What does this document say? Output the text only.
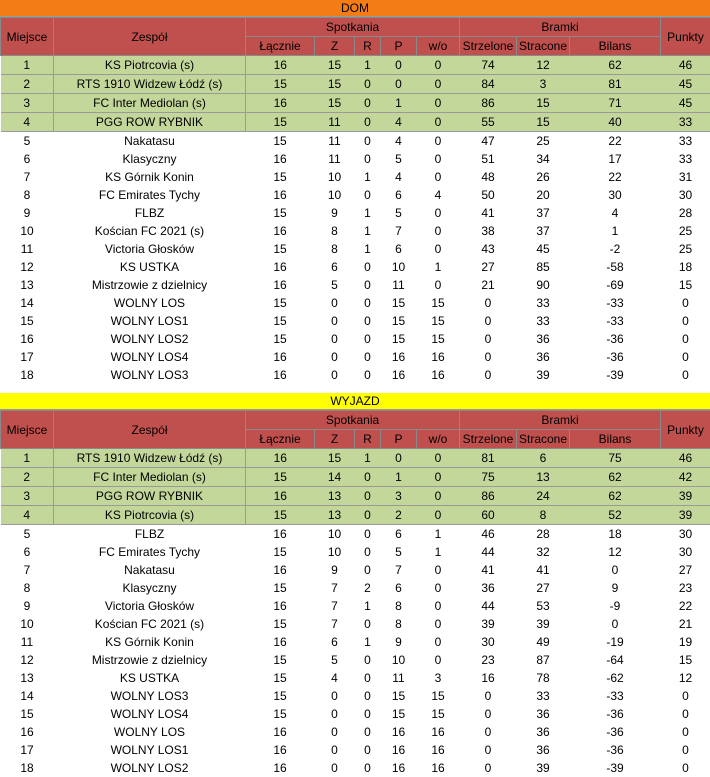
DOM
Miejsce	Zespół	Spotkania					Bramki			Punkty
		Łącznie	Z	R	P	w/o	Strzelone	Stracone	Bilans	
1	KS Piotrcovia (s)	16	15	1	0	0	74	12	62	46
2	RTS 1910 Widzew Łódź (s)	15	15	0	0	0	84	3	81	45
3	FC Inter Mediolan (s)	16	15	0	1	0	86	15	71	45
4	PGG ROW RYBNIK	15	11	0	4	0	55	15	40	33
5	Nakatasu	15	11	0	4	0	47	25	22	33
6	Klasyczny	16	11	0	5	0	51	34	17	33
7	KS Górnik Konin	15	10	1	4	0	48	26	22	31
8	FC Emirates Tychy	16	10	0	6	4	50	20	30	30
9	FLBZ	15	9	1	5	0	41	37	4	28
10	Kościan FC 2021 (s)	16	8	1	7	0	38	37	1	25
11	Victoria Głosków	15	8	1	6	0	43	45	-2	25
12	KS USTKA	16	6	0	10	1	27	85	-58	18
13	Mistrzowie z dzielnicy	16	5	0	11	0	21	90	-69	15
14	WOLNY LOS	15	0	0	15	15	0	33	-33	0
15	WOLNY LOS1	15	0	0	15	15	0	33	-33	0
16	WOLNY LOS2	15	0	0	15	15	0	36	-36	0
17	WOLNY LOS4	16	0	0	16	16	0	36	-36	0
18	WOLNY LOS3	16	0	0	16	16	0	39	-39	0
WYJAZD
Miejsce	Zespół	Spotkania					Bramki			Punkty
		Łącznie	Z	R	P	w/o	Strzelone	Stracone	Bilans	
1	RTS 1910 Widzew Łódź (s)	16	15	1	0	0	81	6	75	46
2	FC Inter Mediolan (s)	15	14	0	1	0	75	13	62	42
3	PGG ROW RYBNIK	16	13	0	3	0	86	24	62	39
4	KS Piotrcovia (s)	15	13	0	2	0	60	8	52	39
5	FLBZ	16	10	0	6	1	46	28	18	30
6	FC Emirates Tychy	15	10	0	5	1	44	32	12	30
7	Nakatasu	16	9	0	7	0	41	41	0	27
8	Klasyczny	15	7	2	6	0	36	27	9	23
9	Victoria Głosków	16	7	1	8	0	44	53	-9	22
10	Kościan FC 2021 (s)	15	7	0	8	0	39	39	0	21
11	KS Górnik Konin	16	6	1	9	0	30	49	-19	19
12	Mistrzowie z dzielnicy	15	5	0	10	0	23	87	-64	15
13	KS USTKA	15	4	0	11	3	16	78	-62	12
14	WOLNY LOS3	15	0	0	15	15	0	33	-33	0
15	WOLNY LOS4	15	0	0	15	15	0	36	-36	0
16	WOLNY LOS	16	0	0	16	16	0	36	-36	0
17	WOLNY LOS1	16	0	0	16	16	0	36	-36	0
18	WOLNY LOS2	16	0	0	16	16	0	39	-39	0
